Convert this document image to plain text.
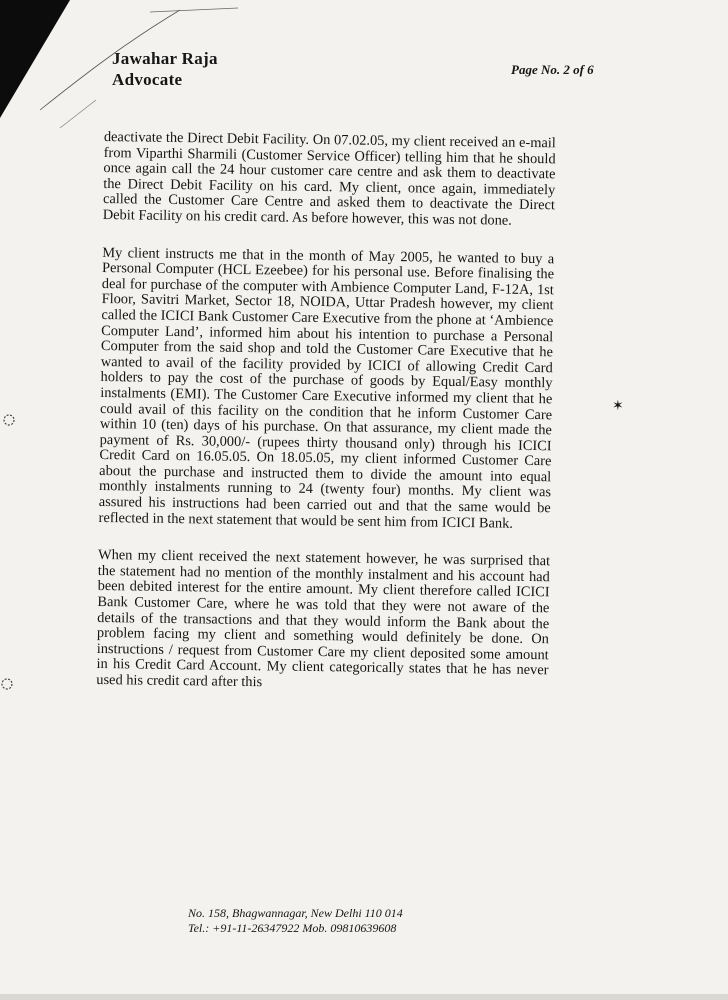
Jawahar Raja
Advocate
Page No. 2 of 6

deactivate the Direct Debit Facility. On 07.02.05, my client received an e-mail from Viparthi Sharmili (Customer Service Officer) telling him that he should once again call the 24 hour customer care centre and ask them to deactivate the Direct Debit Facility on his card. My client, once again, immediately called the Customer Care Centre and asked them to deactivate the Direct Debit Facility on his credit card. As before however, this was not done.

My client instructs me that in the month of May 2005, he wanted to buy a Personal Computer (HCL Ezeebee) for his personal use. Before finalising the deal for purchase of the computer with Ambience Computer Land, F-12A, 1st Floor, Savitri Market, Sector 18, NOIDA, Uttar Pradesh however, my client called the ICICI Bank Customer Care Executive from the phone at ‘Ambience Computer Land’, informed him about his intention to purchase a Personal Computer from the said shop and told the Customer Care Executive that he wanted to avail of the facility provided by ICICI of allowing Credit Card holders to pay the cost of the purchase of goods by Equal/Easy monthly instalments (EMI). The Customer Care Executive informed my client that he could avail of this facility on the condition that he inform Customer Care within 10 (ten) days of his purchase. On that assurance, my client made the payment of Rs. 30,000/- (rupees thirty thousand only) through his ICICI Credit Card on 16.05.05. On 18.05.05, my client informed Customer Care about the purchase and instructed them to divide the amount into equal monthly instalments running to 24 (twenty four) months. My client was assured his instructions had been carried out and that the same would be reflected in the next statement that would be sent him from ICICI Bank.

When my client received the next statement however, he was surprised that the statement had no mention of the monthly instalment and his account had been debited interest for the entire amount. My client therefore called ICICI Bank Customer Care, where he was told that they were not aware of the details of the transactions and that they would inform the Bank about the problem facing my client and something would definitely be done. On instructions / request from Customer Care my client deposited some amount in his Credit Card Account. My client categorically states that he has never used his credit card after this

No. 158, Bhagwannagar, New Delhi 110 014
Tel.: +91-11-26347922 Mob. 09810639608
✶
